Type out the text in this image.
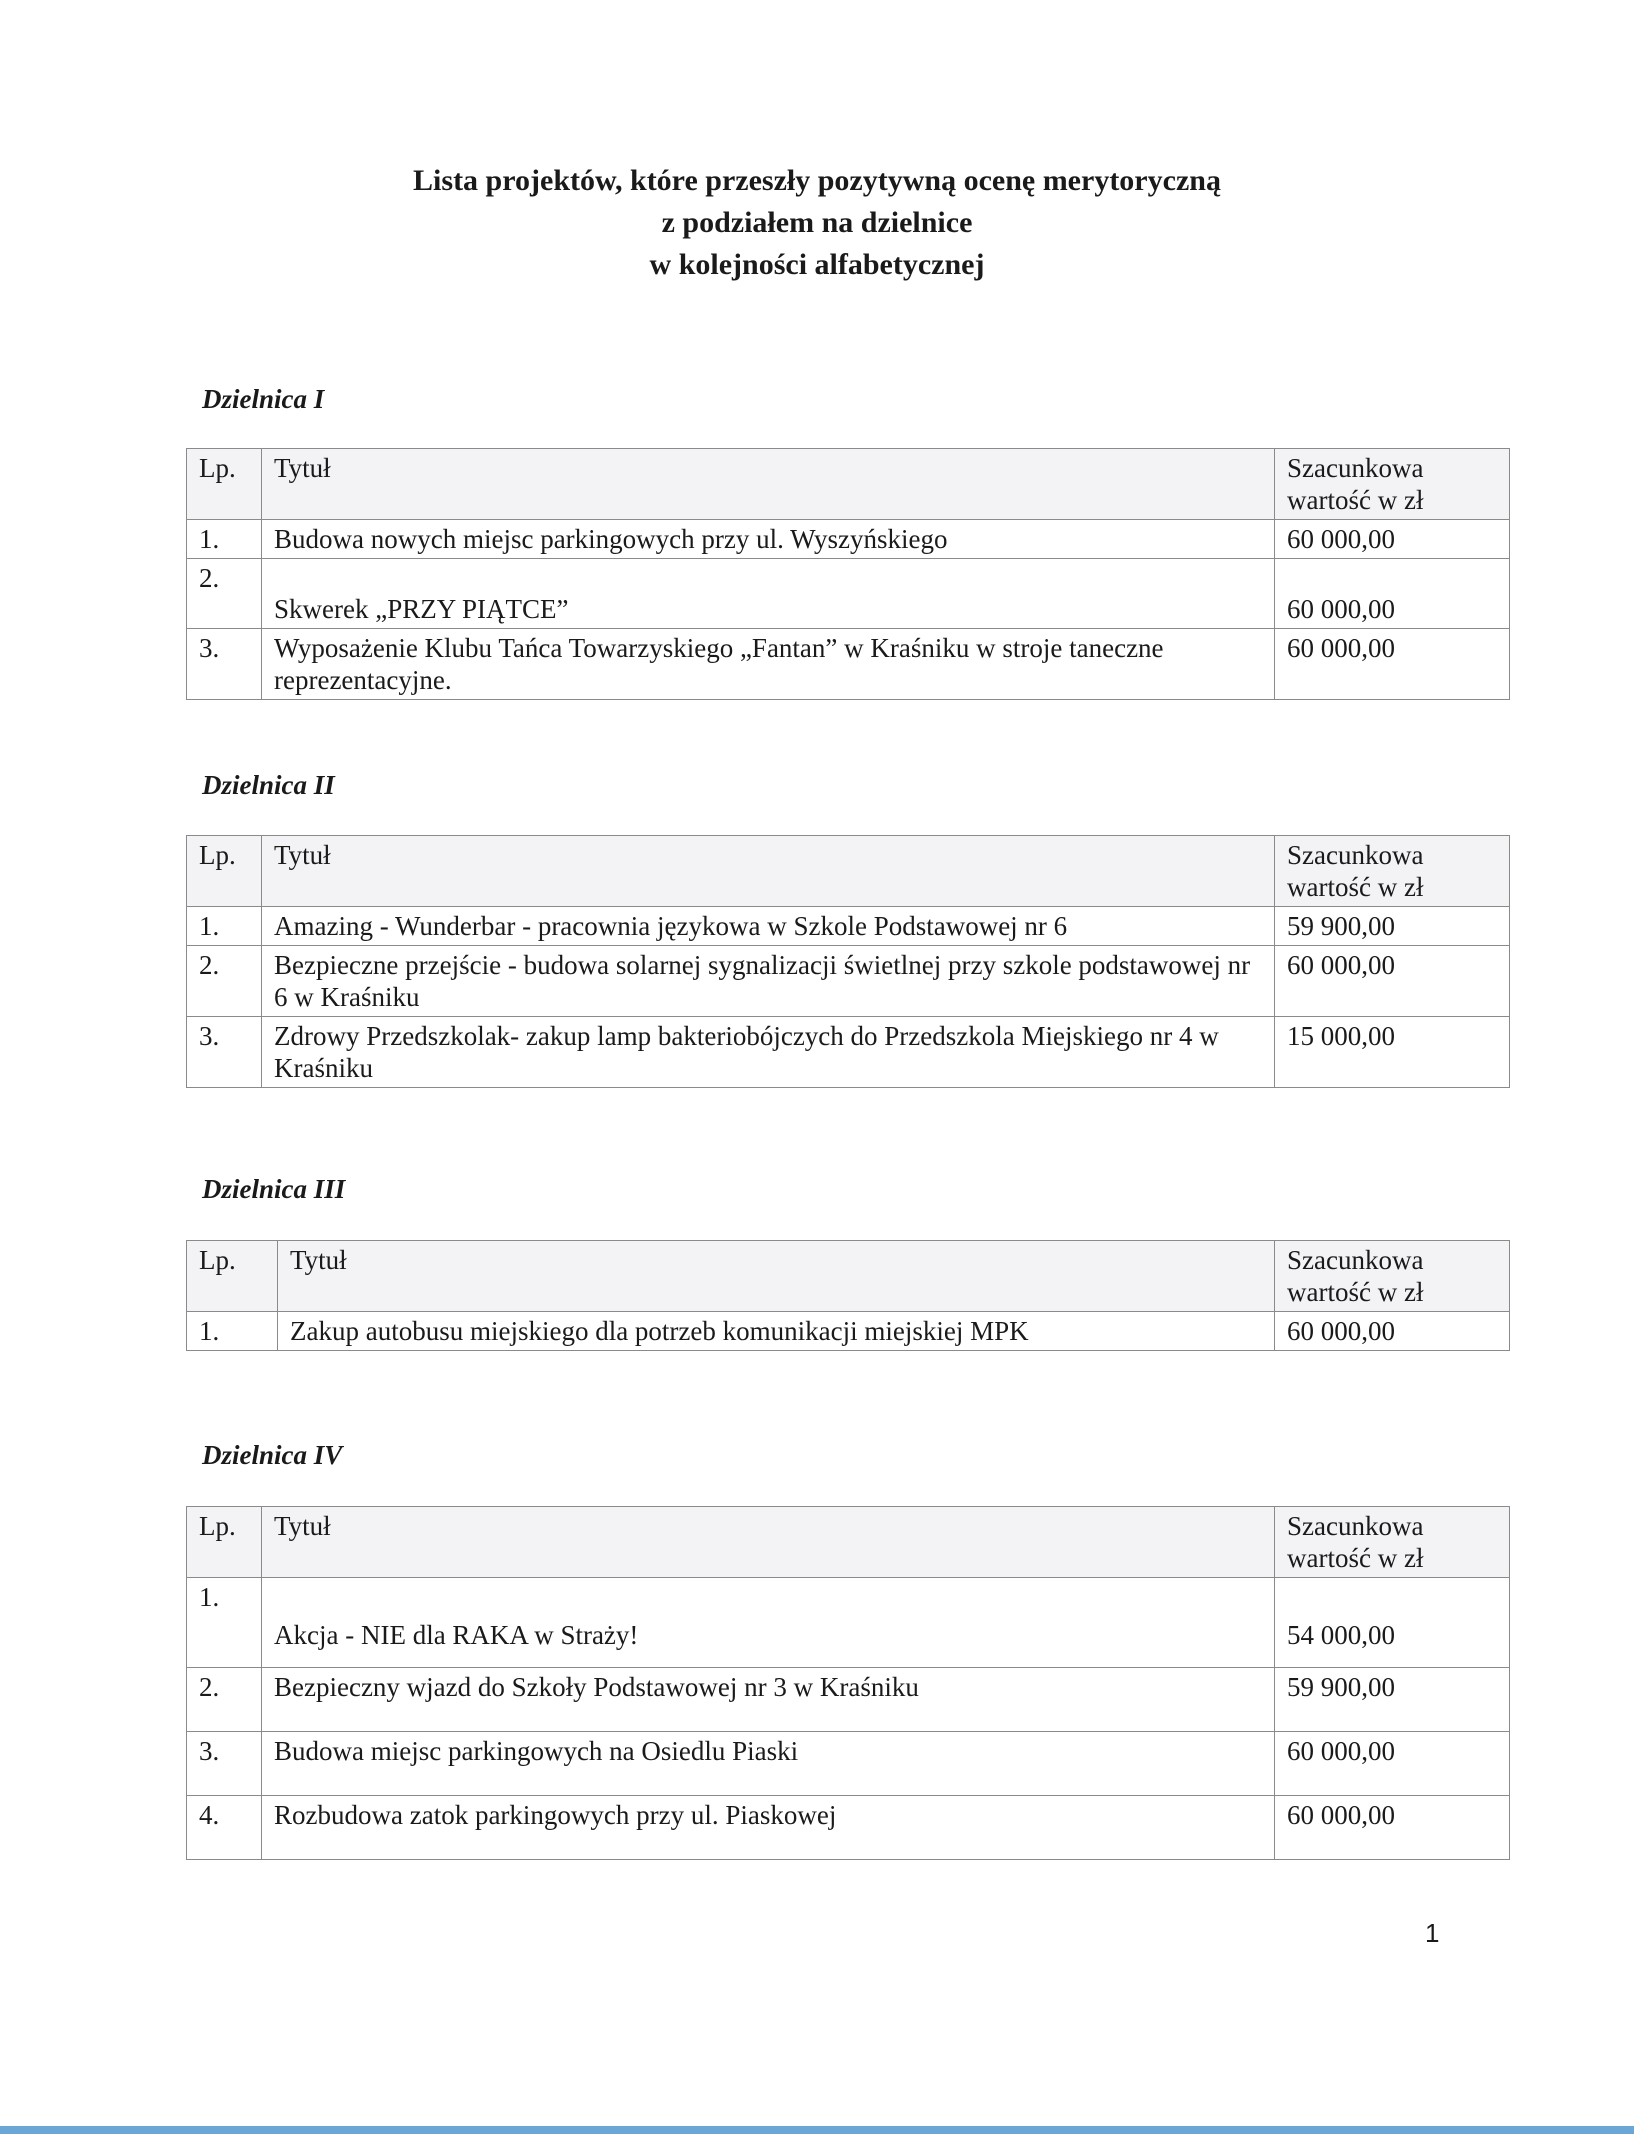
Lista projektów, które przeszły pozytywną ocenę merytoryczną
z podziałem na dzielnice
w kolejności alfabetycznej
Dzielnica I
Lp.	Tytuł	Szacunkowa
wartość w zł
1.	Budowa nowych miejsc parkingowych przy ul. Wyszyńskiego	60 000,00
2.	Skwerek „PRZY PIĄTCE”	60 000,00
3.	Wyposażenie Klubu Tańca Towarzyskiego „Fantan” w Kraśniku w stroje taneczne reprezentacyjne.	60 000,00
Dzielnica II
Lp.	Tytuł	Szacunkowa
wartość w zł
1.	Amazing - Wunderbar - pracownia językowa w Szkole Podstawowej nr 6	59 900,00
2.	Bezpieczne przejście - budowa solarnej sygnalizacji świetlnej przy szkole podstawowej nr 6 w Kraśniku	60 000,00
3.	Zdrowy Przedszkolak- zakup lamp bakteriobójczych do Przedszkola Miejskiego nr 4 w Kraśniku	15 000,00
Dzielnica III
Lp.	Tytuł	Szacunkowa
wartość w zł
1.	Zakup autobusu miejskiego dla potrzeb komunikacji miejskiej MPK	60 000,00
Dzielnica IV
Lp.	Tytuł	Szacunkowa
wartość w zł
1.	Akcja - NIE dla RAKA w Straży!	54 000,00
2.	Bezpieczny wjazd do Szkoły Podstawowej nr 3 w Kraśniku	59 900,00
3.	Budowa miejsc parkingowych na Osiedlu Piaski	60 000,00
4.	Rozbudowa zatok parkingowych przy ul. Piaskowej	60 000,00
1
